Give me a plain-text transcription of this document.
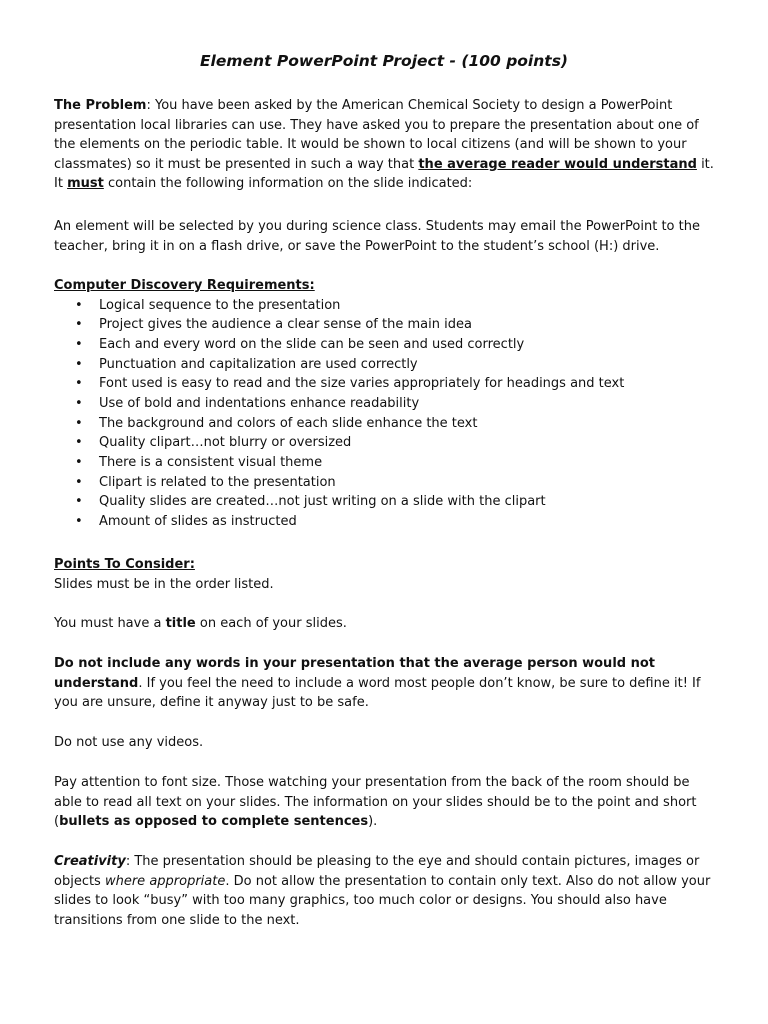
Element PowerPoint Project - (100 points)

The Problem: You have been asked by the American Chemical Society to design a PowerPoint presentation local libraries can use. They have asked you to prepare the presentation about one of the elements on the periodic table. It would be shown to local citizens (and will be shown to your classmates) so it must be presented in such a way that the average reader would understand it. It must contain the following information on the slide indicated:

An element will be selected by you during science class. Students may email the PowerPoint to the teacher, bring it in on a flash drive, or save the PowerPoint to the student’s school (H:) drive.

Computer Discovery Requirements:

• Logical sequence to the presentation
• Project gives the audience a clear sense of the main idea
• Each and every word on the slide can be seen and used correctly
• Punctuation and capitalization are used correctly
• Font used is easy to read and the size varies appropriately for headings and text
• Use of bold and indentations enhance readability
• The background and colors of each slide enhance the text
• Quality clipart…not blurry or oversized
• There is a consistent visual theme
• Clipart is related to the presentation
• Quality slides are created…not just writing on a slide with the clipart
• Amount of slides as instructed

Points To Consider:

Slides must be in the order listed.

You must have a title on each of your slides.

Do not include any words in your presentation that the average person would not understand. If you feel the need to include a word most people don’t know, be sure to define it! If you are unsure, define it anyway just to be safe.

Do not use any videos.

Pay attention to font size. Those watching your presentation from the back of the room should be able to read all text on your slides. The information on your slides should be to the point and short (bullets as opposed to complete sentences).

Creativity: The presentation should be pleasing to the eye and should contain pictures, images or objects where appropriate. Do not allow the presentation to contain only text. Also do not allow your slides to look “busy” with too many graphics, too much color or designs. You should also have transitions from one slide to the next.
